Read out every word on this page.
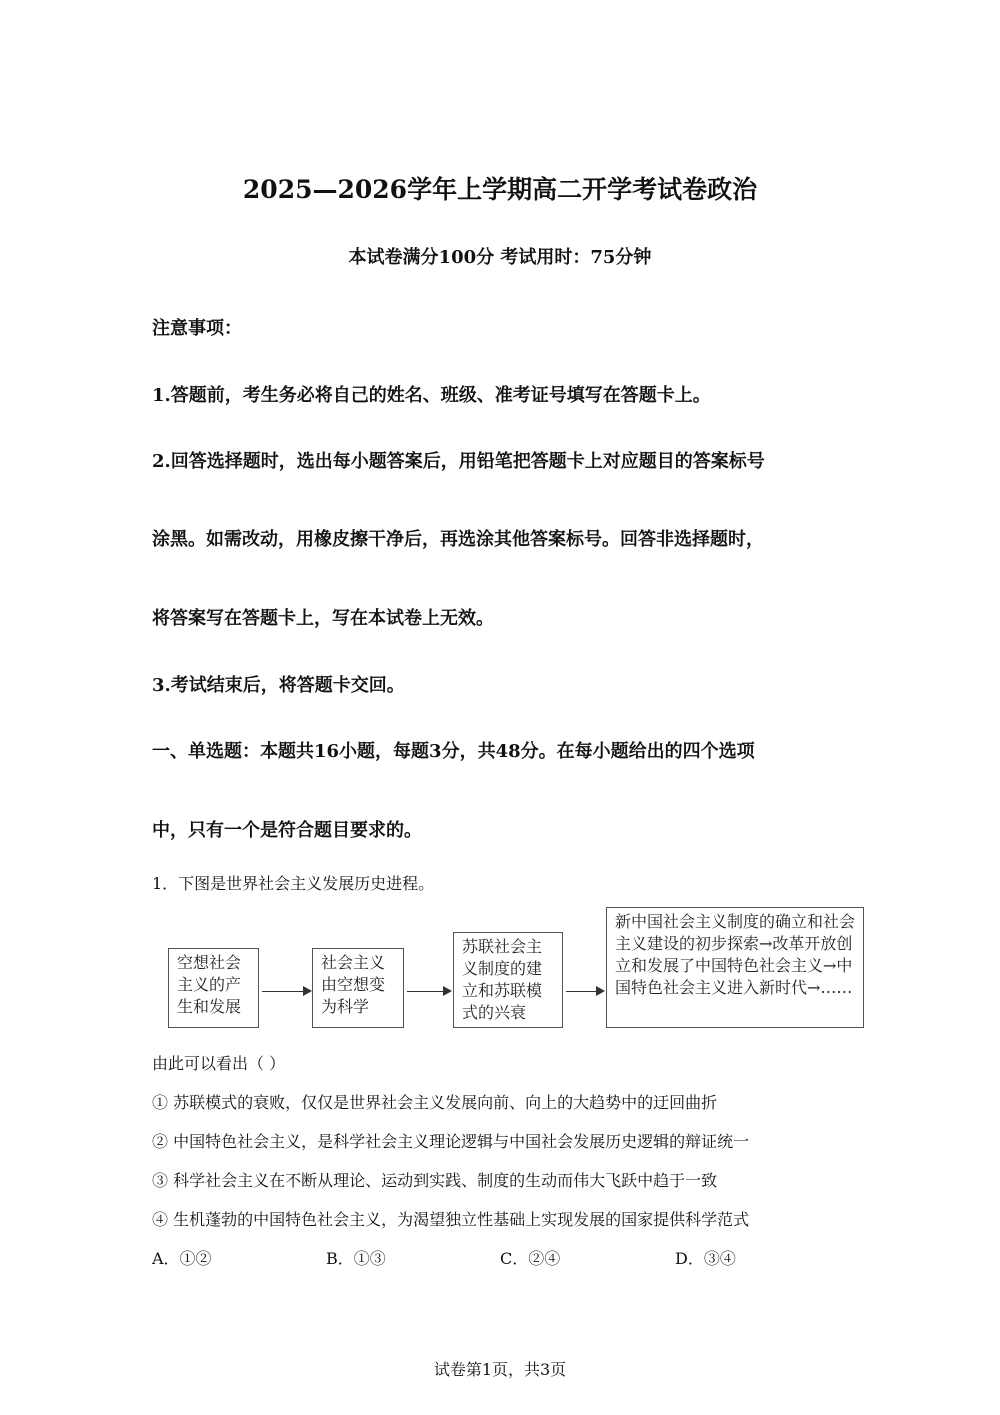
2025—2026学年上学期高二开学考试卷政治
本试卷满分100分 考试用时：75分钟
注意事项：
1.答题前，考生务必将自己的姓名、班级、准考证号填写在答题卡上。
2.回答选择题时，选出每小题答案后，用铅笔把答题卡上对应题目的答案标号
涂黑。如需改动，用橡皮擦干净后，再选涂其他答案标号。回答非选择题时，
将答案写在答题卡上，写在本试卷上无效。
3.考试结束后，将答题卡交回。
一、单选题：本题共16小题，每题3分，共48分。在每小题给出的四个选项
中，只有一个是符合题目要求的。
1．下图是世界社会主义发展历史进程。
空想社会主义的产生和发展
社会主义由空想变为科学
苏联社会主义制度的建立和苏联模式的兴衰
新中国社会主义制度的确立和社会主义建设的初步探索→改革开放创立和发展了中国特色社会主义→中国特色社会主义进入新时代→……
由此可以看出（ ）
① 苏联模式的衰败，仅仅是世界社会主义发展向前、向上的大趋势中的迂回曲折
② 中国特色社会主义，是科学社会主义理论逻辑与中国社会发展历史逻辑的辩证统一
③ 科学社会主义在不断从理论、运动到实践、制度的生动而伟大飞跃中趋于一致
④ 生机蓬勃的中国特色社会主义，为渴望独立性基础上实现发展的国家提供科学范式
A．①②	B．①③	C．②④	D．③④
试卷第1页，共3页
